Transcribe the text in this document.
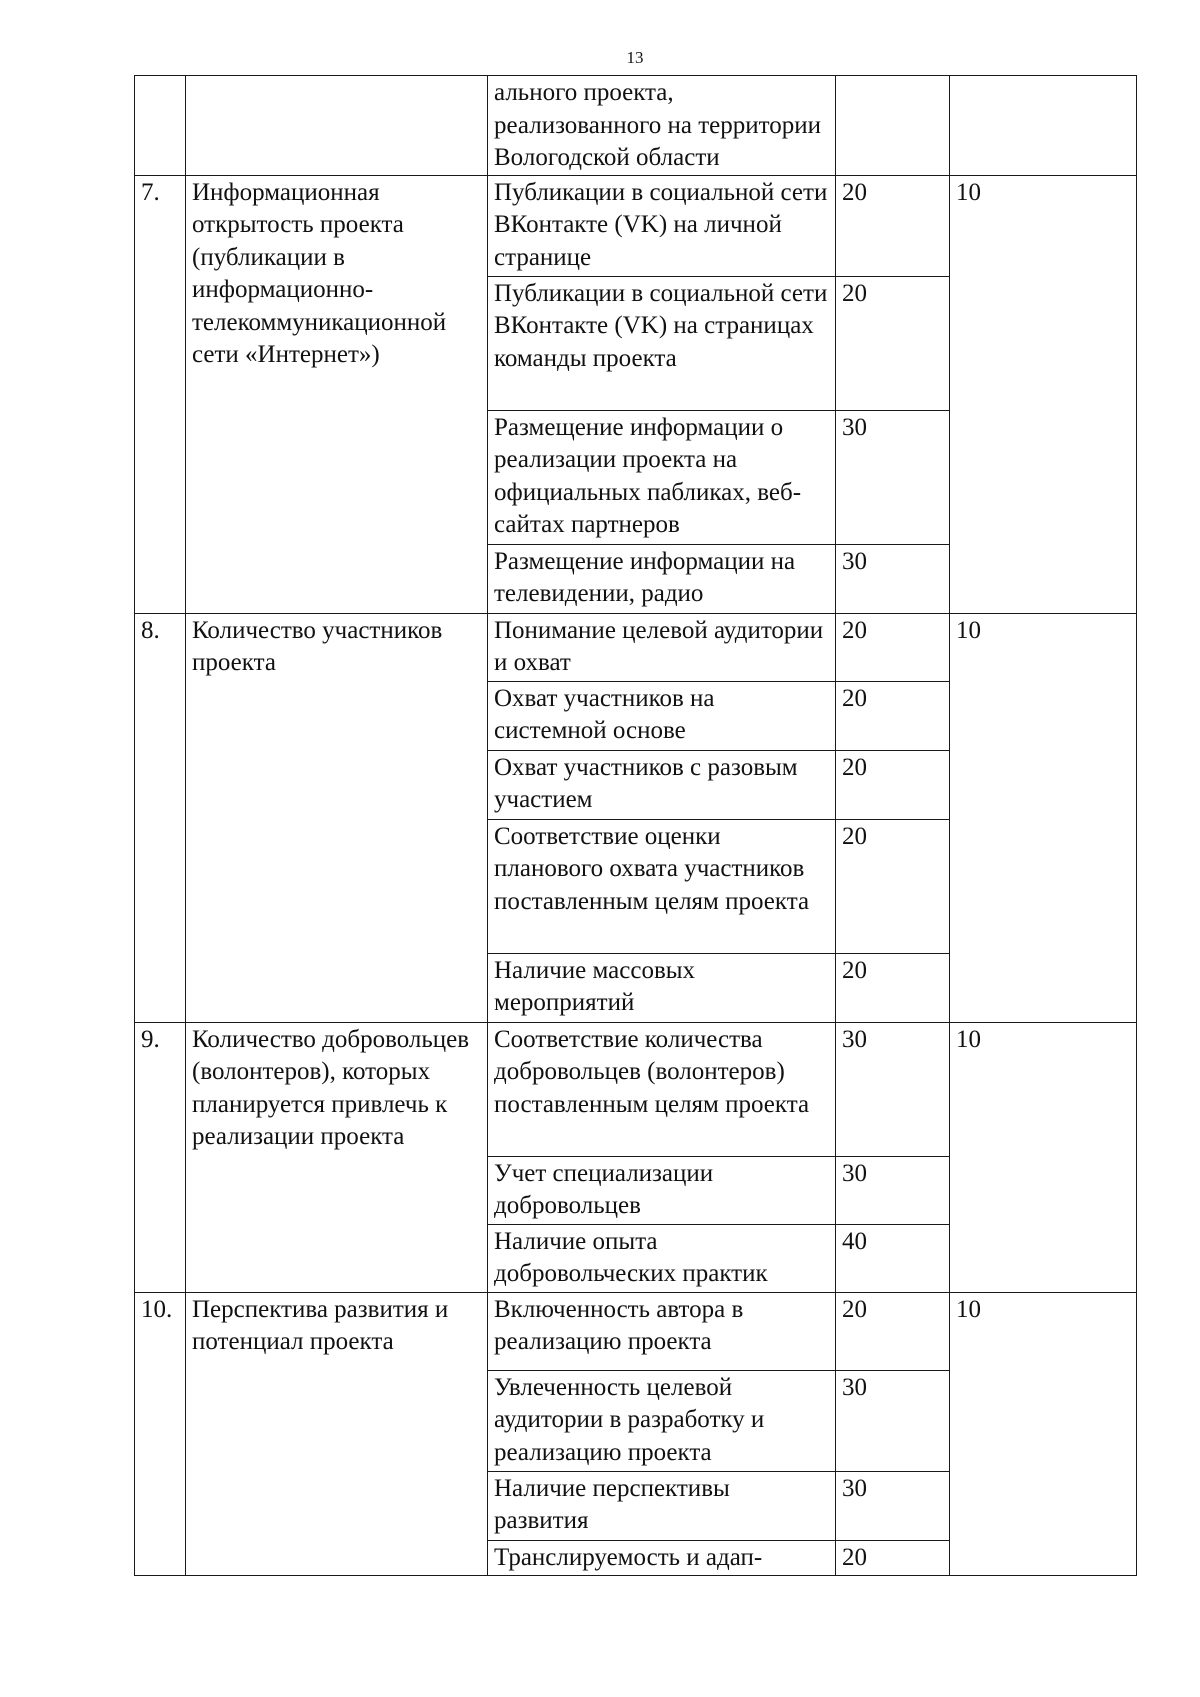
13
		ального проекта, реализованного на территории Вологодской области		
7.	Информационная открытость проекта (публикации в информационно-телекоммуникационной сети «Интернет»)	Публикации в социальной сети ВКонтакте (VK) на личной странице	20	10
		Публикации в социальной сети ВКонтакте (VK) на страницах команды проекта	20	
		Размещение информации о реализации проекта на официальных пабликах, веб-сайтах партнеров	30	
		Размещение информации на телевидении, радио	30	
8.	Количество участников проекта	Понимание целевой аудитории и охват	20	10
		Охват участников на системной основе	20	
		Охват участников с разовым участием	20	
		Соответствие оценки планового охвата участников поставленным целям проекта	20	
		Наличие массовых мероприятий	20	
9.	Количество добровольцев (волонтеров), которых планируется привлечь к реализации проекта	Соответствие количества добровольцев (волонтеров) поставленным целям проекта	30	10
		Учет специализации добровольцев	30	
		Наличие опыта добровольческих практик	40	
10.	Перспектива развития и потенциал проекта	Включенность автора в реализацию проекта	20	10
		Увлеченность целевой аудитории в разработку и реализацию проекта	30	
		Наличие перспективы развития	30	
		Транслируемость и адап-	20	
